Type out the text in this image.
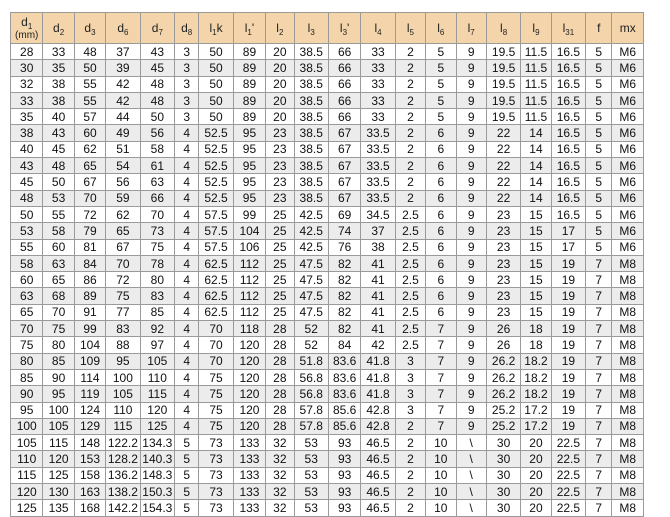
$d_1$
(mm)	$d_2$	$d_3$	$d_6$	$d_7$	$d_8$	$l_1k$	$l_1'$	$l_2$	$l_3$	$l_3'$	$l_4$	$l_5$	$l_6$	$l_7$	$l_8$	$l_9$	$l_{31}$	f	mx
28	33	48	37	43	3	50	89	20	38.5	66	33	2	5	9	19.5	11.5	16.5	5	M6
30	35	50	39	45	3	50	89	20	38.5	66	33	2	5	9	19.5	11.5	16.5	5	M6
32	38	55	42	48	3	50	89	20	38.5	66	33	2	5	9	19.5	11.5	16.5	5	M6
33	38	55	42	48	3	50	89	20	38.5	66	33	2	5	9	19.5	11.5	16.5	5	M6
35	40	57	44	50	3	50	89	20	38.5	66	33	2	5	9	19.5	11.5	16.5	5	M6
38	43	60	49	56	4	52.5	95	23	38.5	67	33.5	2	6	9	22	14	16.5	5	M6
40	45	62	51	58	4	52.5	95	23	38.5	67	33.5	2	6	9	22	14	16.5	5	M6
43	48	65	54	61	4	52.5	95	23	38.5	67	33.5	2	6	9	22	14	16.5	5	M6
45	50	67	56	63	4	52.5	95	23	38.5	67	33.5	2	6	9	22	14	16.5	5	M6
48	53	70	59	66	4	52.5	95	23	38.5	67	33.5	2	6	9	22	14	16.5	5	M6
50	55	72	62	70	4	57.5	99	25	42.5	69	34.5	2.5	6	9	23	15	16.5	5	M6
53	58	79	65	73	4	57.5	104	25	42.5	74	37	2.5	6	9	23	15	17	5	M6
55	60	81	67	75	4	57.5	106	25	42.5	76	38	2.5	6	9	23	15	17	5	M6
58	63	84	70	78	4	62.5	112	25	47.5	82	41	2.5	6	9	23	15	19	7	M8
60	65	86	72	80	4	62.5	112	25	47.5	82	41	2.5	6	9	23	15	19	7	M8
63	68	89	75	83	4	62.5	112	25	47.5	82	41	2.5	6	9	23	15	19	7	M8
65	70	91	77	85	4	62.5	112	25	47.5	82	41	2.5	6	9	23	15	19	7	M8
70	75	99	83	92	4	70	118	28	52	82	41	2.5	7	9	26	18	19	7	M8
75	80	104	88	97	4	70	120	28	52	84	42	2.5	7	9	26	18	19	7	M8
80	85	109	95	105	4	70	120	28	51.8	83.6	41.8	3	7	9	26.2	18.2	19	7	M8
85	90	114	100	110	4	75	120	28	56.8	83.6	41.8	3	7	9	26.2	18.2	19	7	M8
90	95	119	105	115	4	75	120	28	56.8	83.6	41.8	3	7	9	26.2	18.2	19	7	M8
95	100	124	110	120	4	75	120	28	57.8	85.6	42.8	3	7	9	25.2	17.2	19	7	M8
100	105	129	115	125	4	75	120	28	57.8	85.6	42.8	2	7	9	25.2	17.2	19	7	M8
105	115	148	122.2	134.3	5	73	133	32	53	93	46.5	2	10	\	30	20	22.5	7	M8
110	120	153	128.2	140.3	5	73	133	32	53	93	46.5	2	10	\	30	20	22.5	7	M8
115	125	158	136.2	148.3	5	73	133	32	53	93	46.5	2	10	\	30	20	22.5	7	M8
120	130	163	138.2	150.3	5	73	133	32	53	93	46.5	2	10	\	30	20	22.5	7	M8
125	135	168	142.2	154.3	5	73	133	32	53	93	46.5	2	10	\	30	20	22.5	7	M8
